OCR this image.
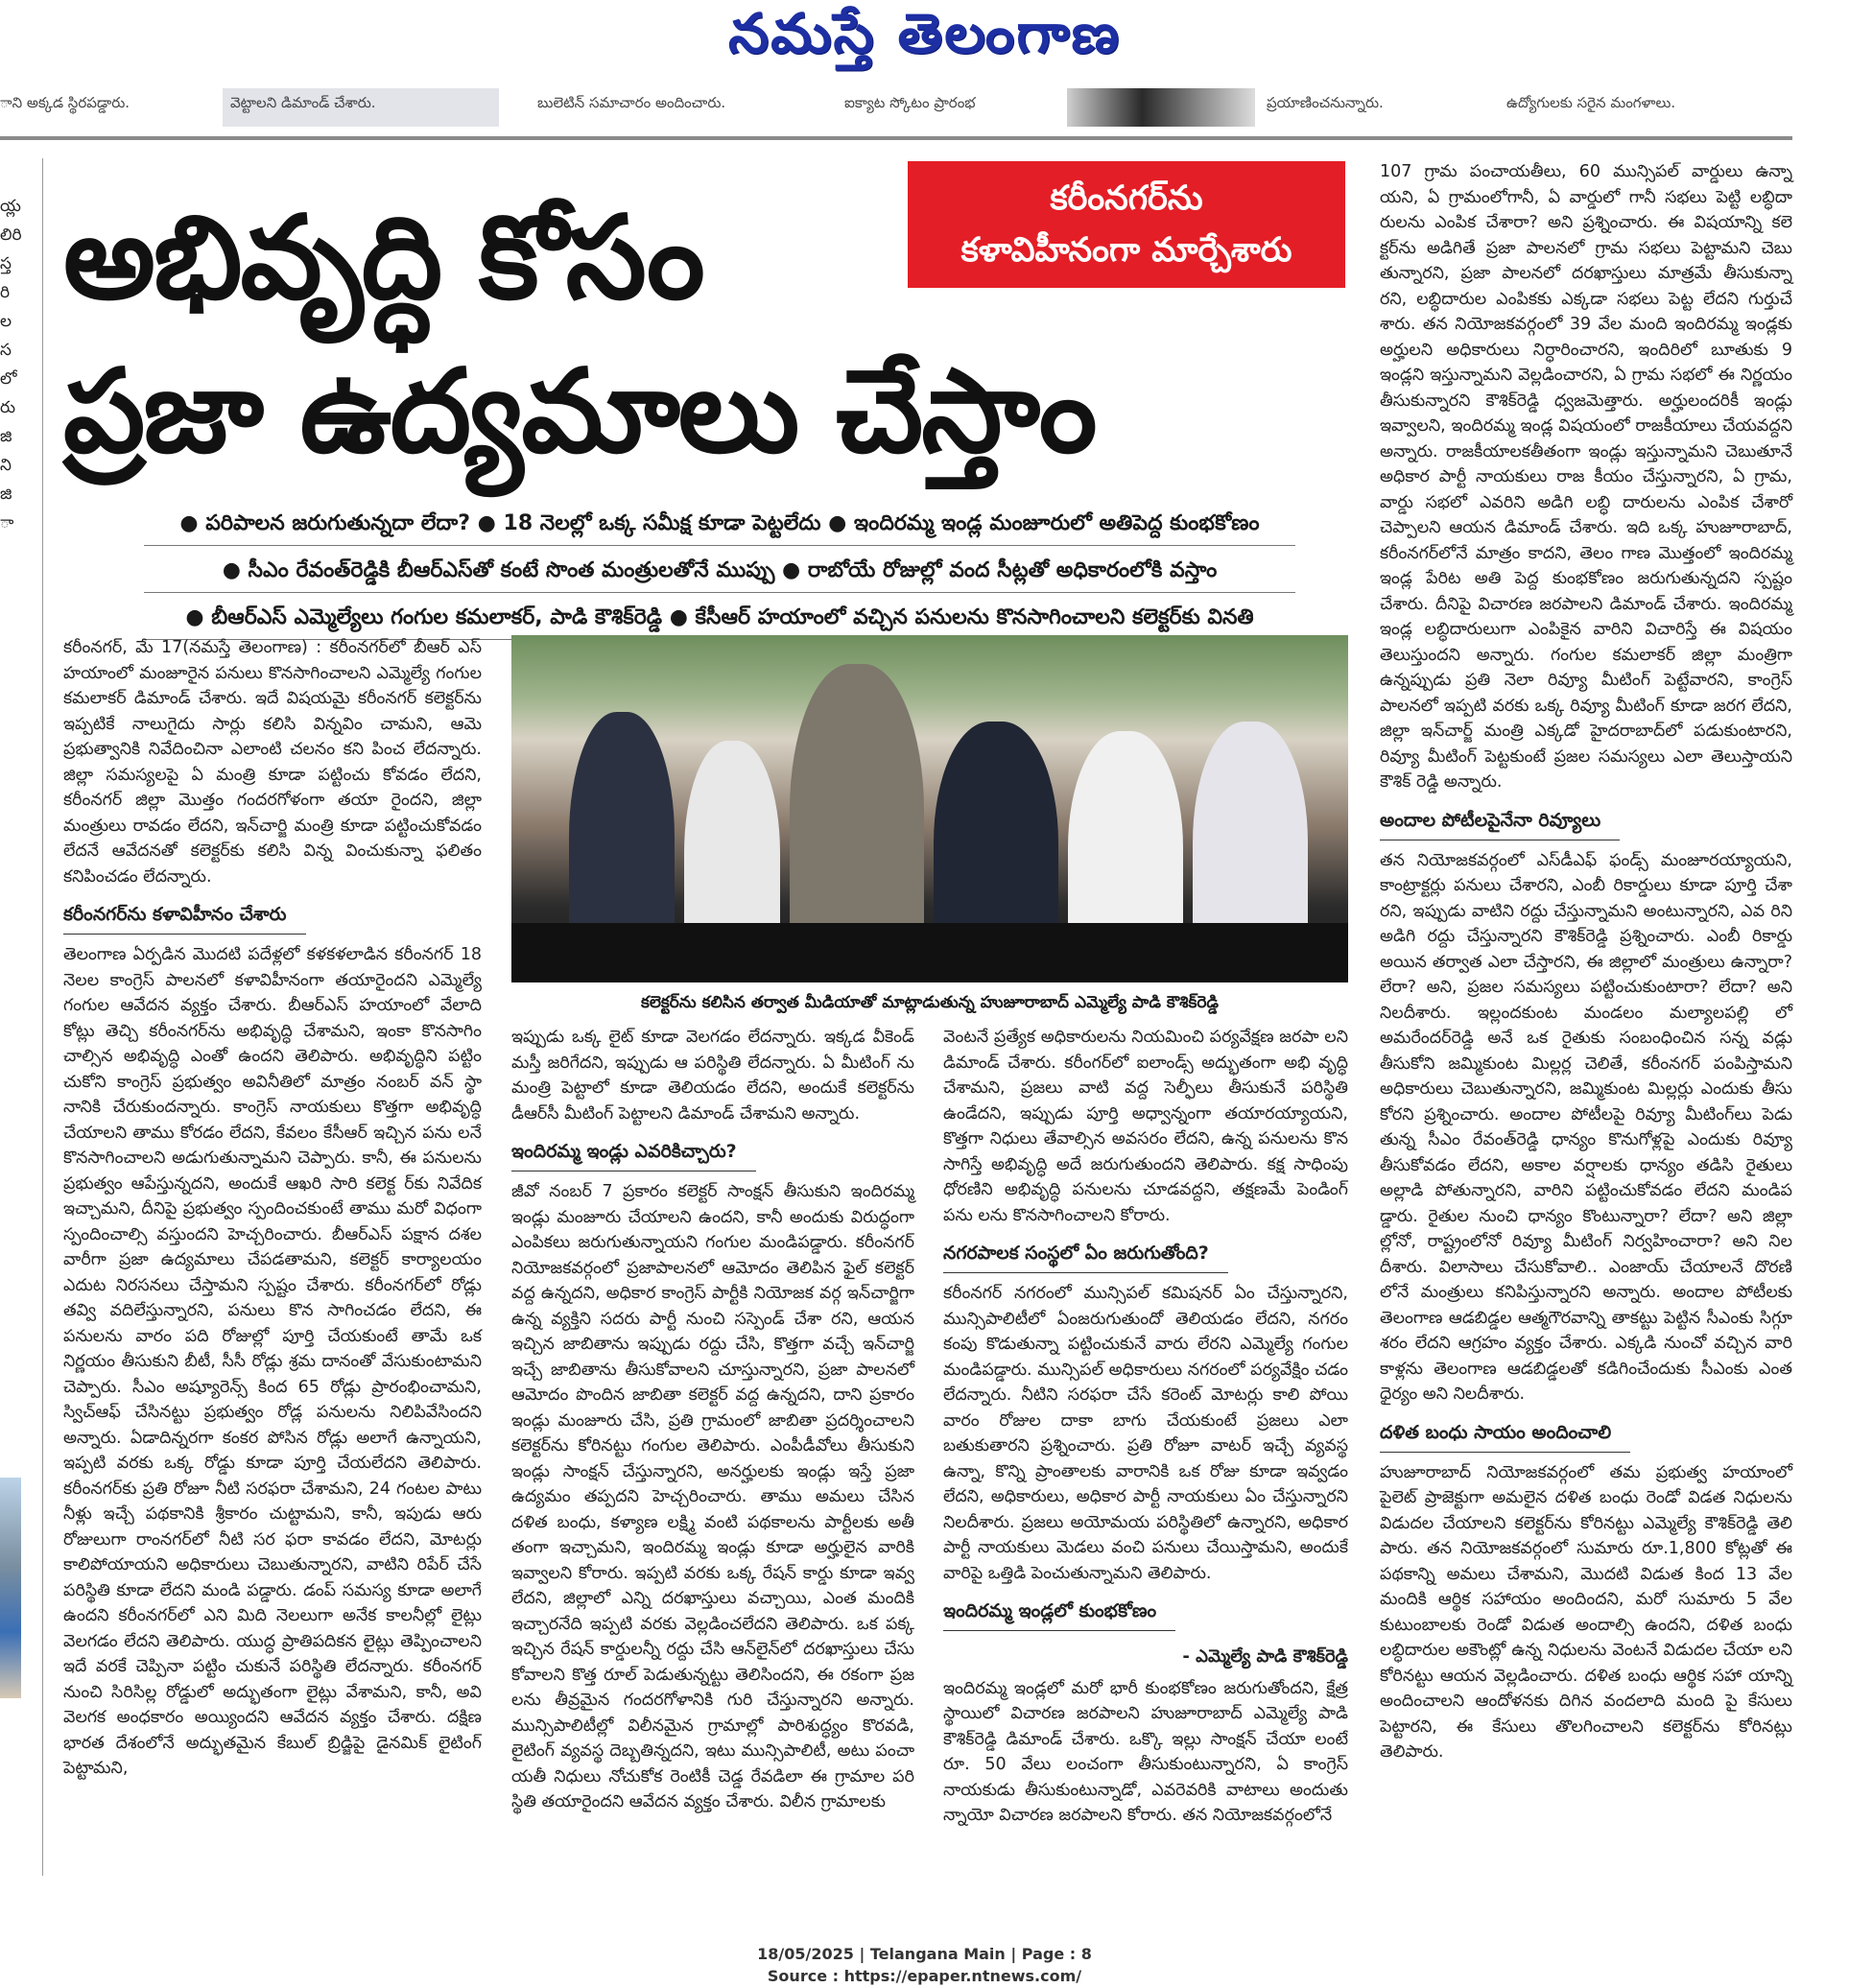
నమస్తే తెలంగాణ
ాని అక్కడ స్థిరపడ్డారు.	వెట్టాలని డిమాండ్ చేశారు.	బులెటిన్ సమాచారం అందించారు.	ఐక్యాట స్కోటం ప్రారంభ	ప్రయాణించనున్నారు.	ఉద్యోగులకు సరైన మంగళాలు.
య్ల
లిరి
స్త
రి
ల
స
లో
రు
జి
ని
జి
ా
అభివృద్ధి కోసం
ప్రజా ఉద్యమాలు చేస్తాం
కరీంనగర్‌ను
కళావిహీనంగా మార్చేశారు
● పరిపాలన జరుగుతున్నదా లేదా? ● 18 నెలల్లో ఒక్క సమీక్ష కూడా పెట్టలేదు ● ఇందిరమ్మ ఇండ్ల మంజూరులో అతిపెద్ద కుంభకోణం
● సీఎం రేవంత్‌రెడ్డికి బీఆర్‌ఎస్‌తో కంటే సొంత మంత్రులతోనే ముప్పు ● రాబోయే రోజుల్లో వంద సీట్లతో అధికారంలోకి వస్తాం
● బీఆర్‌ఎస్ ఎమ్మెల్యేలు గంగుల కమలాకర్, పాడి కౌశిక్‌రెడ్డి ● కేసీఆర్ హయాంలో వచ్చిన పనులను కొనసాగించాలని కలెక్టర్‌కు వినతి
కలెక్టర్‌ను కలిసిన తర్వాత మీడియాతో మాట్లాడుతున్న హుజూరాబాద్ ఎమ్మెల్యే పాడి కౌశిక్‌రెడ్డి

కరీంనగర్, మే 17(నమస్తే తెలంగాణ) : కరీంనగర్‌లో బీఆర్ ఎస్ హయాంలో మంజూరైన పనులు కొనసాగించాలని ఎమ్మెల్యే గంగుల కమలాకర్ డిమాండ్ చేశారు. ఇదే విషయమై కరీంనగర్ కలెక్టర్‌ను ఇప్పటికే నాలుగైదు సార్లు కలిసి విన్నవిం చామని, ఆమె ప్రభుత్వానికి నివేదించినా ఎలాంటి చలనం కని పించ లేదన్నారు. జిల్లా సమస్యలపై ఏ మంత్రి కూడా పట్టించు కోవడం లేదని, కరీంనగర్ జిల్లా మొత్తం గందరగోళంగా తయా రైందని, జిల్లా మంత్రులు రావడం లేదని, ఇన్‌చార్జి మంత్రి కూడా పట్టించుకోవడం లేదనే ఆవేదనతో కలెక్టర్‌కు కలిసి విన్న వించుకున్నా ఫలితం కనిపించడం లేదన్నారు.

కరీంనగర్‌ను కళావిహీనం చేశారు

తెలంగాణ ఏర్పడిన మొదటి పదేళ్లలో కళకళలాడిన కరీంనగర్ 18 నెలల కాంగ్రెస్ పాలనలో కళావిహీనంగా తయారైందని ఎమ్మెల్యే గంగుల ఆవేదన వ్యక్తం చేశారు. బీఆర్‌ఎస్ హయాంలో వేలాది కోట్లు తెచ్చి కరీంనగర్‌ను అభివృద్ధి చేశామని, ఇంకా కొనసాగిం చాల్సిన అభివృద్ధి ఎంతో ఉందని తెలిపారు. అభివృద్ధిని పట్టిం చుకోని కాంగ్రెస్ ప్రభుత్వం అవినీతిలో మాత్రం నంబర్ వన్ స్థా నానికి చేరుకుందన్నారు. కాంగ్రెస్ నాయకులు కొత్తగా అభివృద్ధి చేయాలని తాము కోరడం లేదని, కేవలం కేసీఆర్ ఇచ్చిన పను లనే కొనసాగించాలని అడుగుతున్నామని చెప్పారు. కానీ, ఈ పనులను ప్రభుత్వం ఆపేస్తున్నదని, అందుకే ఆఖరి సారి కలెక్ట ర్‌కు నివేదిక ఇచ్చామని, దీనిపై ప్రభుత్వం స్పందించకుంటే తాము మరో విధంగా స్పందించాల్సి వస్తుందని హెచ్చరించారు. బీఆర్‌ఎస్ పక్షాన దశల వారీగా ప్రజా ఉద్యమాలు చేపడతామని, కలెక్టర్ కార్యాలయం ఎదుట నిరసనలు చేస్తామని స్పష్టం చేశారు. కరీంనగర్‌లో రోడ్లు తవ్వి వదిలేస్తున్నారని, పనులు కొన సాగించడం లేదని, ఈ పనులను వారం పది రోజుల్లో పూర్తి చేయకుంటే తామే ఒక నిర్ణయం తీసుకుని బీటీ, సీసీ రోడ్లు శ్రమ దానంతో వేసుకుంటామని చెప్పారు. సీఎం అష్యూరెన్స్ కింద 65 రోడ్లు ప్రారంభించామని, స్విచ్‌ఆఫ్ చేసినట్టు ప్రభుత్వం రోడ్ల పనులను నిలిపివేసిందని అన్నారు. ఏడాదిన్నరగా కంకర పోసిన రోడ్లు అలాగే ఉన్నాయని, ఇప్పటి వరకు ఒక్క రోడ్డు కూడా పూర్తి చేయలేదని తెలిపారు. కరీంనగర్‌కు ప్రతి రోజూ నీటి సరఫరా చేశామని, 24 గంటల పాటు నీళ్లు ఇచ్చే పథకానికి శ్రీకారం చుట్టామని, కానీ, ఇపుడు ఆరు రోజులుగా రాంనగర్‌లో నీటి సర ఫరా కావడం లేదని, మోటర్లు కాలిపోయాయని అధికారులు చెబుతున్నారని, వాటిని రిపేర్ చేసే పరిస్థితి కూడా లేదని మండి పడ్డారు. డంప్ సమస్య కూడా అలాగే ఉందని కరీంనగర్‌లో ఎని మిది నెలలుగా అనేక కాలనీల్లో లైట్లు వెలగడం లేదని తెలిపారు. యుద్ధ ప్రాతిపదికన లైట్లు తెప్పించాలని ఇదే వరకే చెప్పినా పట్టిం చుకునే పరిస్థితి లేదన్నారు. కరీంనగర్ నుంచి సిరిసిల్ల రోడ్డులో అద్భుతంగా లైట్లు వేశామని, కానీ, అవి వెలగక అంధకారం అయ్యిందని ఆవేదన వ్యక్తం చేశారు. దక్షిణ భారత దేశంలోనే అద్భుతమైన కేబుల్ బ్రిడ్జిపై డైనమిక్ లైటింగ్ పెట్టామని,

ఇప్పుడు ఒక్క లైట్ కూడా వెలగడం లేదన్నారు. ఇక్కడ వీకెండ్ మస్తీ జరిగేదని, ఇప్పుడు ఆ పరిస్థితి లేదన్నారు. ఏ మీటింగ్ ‌ను మంత్రి పెట్టాలో కూడా తెలియడం లేదని, అందుకే కలెక్టర్‌ను డీఆర్‌సీ మీటింగ్ పెట్టాలని డిమాండ్ చేశామని అన్నారు.

ఇందిరమ్మ ఇండ్లు ఎవరికిచ్చారు?

జీవో నంబర్ 7 ప్రకారం కలెక్టర్ సాంక్షన్ తీసుకుని ఇందిరమ్మ ఇండ్లు మంజూరు చేయాలని ఉందని, కానీ అందుకు విరుద్ధంగా ఎంపికలు జరుగుతున్నాయని గంగుల మండిపడ్డారు. కరీంనగర్ నియోజకవర్గంలో ప్రజాపాలనలో ఆమోదం తెలిపిన ఫైల్ కలెక్టర్ వద్ద ఉన్నదని, అధికార కాంగ్రెస్ పార్టీకి నియోజక వర్గ ఇన్‌చార్జిగా ఉన్న వ్యక్తిని సదరు పార్టీ నుంచి సస్పెండ్ చేశా రని, ఆయన ఇచ్చిన జాబితాను ఇప్పుడు రద్దు చేసి, కొత్తగా వచ్చే ఇన్‌చార్జి ఇచ్చే జాబితాను తీసుకోవాలని చూస్తున్నారని, ప్రజా పాలనలో ఆమోదం పొందిన జాబితా కలెక్టర్ వద్ద ఉన్నదని, దాని ప్రకారం ఇండ్లు మంజూరు చేసి, ప్రతి గ్రామంలో జాబితా ప్రదర్శించాలని కలెక్టర్‌ను కోరినట్టు గంగుల తెలిపారు. ఎంపీడీవోలు తీసుకుని ఇండ్లు సాంక్షన్ చేస్తున్నారని, అనర్హులకు ఇండ్లు ఇస్తే ప్రజా ఉద్యమం తప్పదని హెచ్చరించారు. తాము అమలు చేసిన దళిత బంధు, కళ్యాణ లక్ష్మి వంటి పథకాలను పార్టీలకు అతీ తంగా ఇచ్చామని, ఇందిరమ్మ ఇండ్లు కూడా అర్హులైన వారికి ఇవ్వాలని కోరారు. ఇప్పటి వరకు ఒక్క రేషన్ కార్డు కూడా ఇవ్వ లేదని, జిల్లాలో ఎన్ని దరఖాస్తులు వచ్చాయి, ఎంత మందికి ఇచ్చారనేది ఇప్పటి వరకు వెల్లడించలేదని తెలిపారు. ఒక పక్క ఇచ్చిన రేషన్ కార్డులన్నీ రద్దు చేసి ఆన్‌లైన్‌లో దరఖాస్తులు చేసు కోవాలని కొత్త రూల్ పెడుతున్నట్టు తెలిసిందని, ఈ రకంగా ప్రజ లను తీవ్రమైన గందరగోళానికి గురి చేస్తున్నారని అన్నారు. మున్సిపాలిటీల్లో విలీనమైన గ్రామాల్లో పారిశుద్ధ్యం కొరవడి, లైటింగ్ వ్యవస్థ దెబ్బతిన్నదని, ఇటు మున్సిపాలిటీ, అటు పంచా యతీ నిధులు నోచుకోక రెంటికీ చెడ్డ రేవడిలా ఈ గ్రామాల పరి స్థితి తయారైందని ఆవేదన వ్యక్తం చేశారు. విలీన గ్రామాలకు

వెంటనే ప్రత్యేక అధికారులను నియమించి పర్యవేక్షణ జరపా లని డిమాండ్ చేశారు. కరీంగర్‌లో ఐలాండ్స్ అద్భుతంగా అభి వృద్ధి చేశామని, ప్రజలు వాటి వద్ద సెల్ఫీలు తీసుకునే పరిస్థితి ఉండేదని, ఇప్పుడు పూర్తి అధ్వాన్నంగా తయారయ్యాయని, కొత్తగా నిధులు తేవాల్సిన అవసరం లేదని, ఉన్న పనులను కొన సాగిస్తే అభివృద్ధి అదే జరుగుతుందని తెలిపారు. కక్ష సాధింపు ధోరణిని అభివృద్ధి పనులను చూడవద్దని, తక్షణమే పెండింగ్ పను లను కొనసాగించాలని కోరారు.

నగరపాలక సంస్థలో ఏం జరుగుతోంది?

కరీంనగర్ నగరంలో మున్సిపల్ కమిషనర్ ఏం చేస్తున్నారని, మున్సిపాలిటీలో ఏంజరుగుతుందో తెలియడం లేదని, నగరం కంపు కొడుతున్నా పట్టించుకునే వారు లేరని ఎమ్మెల్యే గంగుల మండిపడ్డారు. మున్సిపల్ అధికారులు నగరంలో పర్యవేక్షిం చడం లేదన్నారు. నీటిని సరఫరా చేసే కరెంట్ మోటర్లు కాలి పోయి వారం రోజుల దాకా బాగు చేయకుంటే ప్రజలు ఎలా బతుకుతారని ప్రశ్నించారు. ప్రతి రోజూ వాటర్ ఇచ్చే వ్యవస్థ ఉన్నా, కొన్ని ప్రాంతాలకు వారానికి ఒక రోజు కూడా ఇవ్వడం లేదని, అధికారులు, అధికార పార్టీ నాయకులు ఏం చేస్తున్నారని నిలదీశారు. ప్రజలు అయోమయ పరిస్థితిలో ఉన్నారని, అధికార పార్టీ నాయకులు మెడలు వంచి పనులు చేయిస్తామని, అందుకే వారిపై ఒత్తిడి పెంచుతున్నామని తెలిపారు.

ఇందిరమ్మ ఇండ్లలో కుంభకోణం
- ఎమ్మెల్యే పాడి కౌశిక్‌రెడ్డి

ఇందిరమ్మ ఇండ్లలో మరో భారీ కుంభకోణం జరుగుతోందని, క్షేత్ర స్థాయిలో విచారణ జరపాలని హుజూరాబాద్ ఎమ్మెల్యే పాడి కౌశిక్‌రెడ్డి డిమాండ్ చేశారు. ఒక్కొ ఇల్లు సాంక్షన్ చేయా లంటే రూ. 50 వేలు లంచంగా తీసుకుంటున్నారని, ఏ కాంగ్రెస్ నాయకుడు తీసుకుంటున్నాడో, ఎవరెవరికి వాటాలు అందుతు న్నాయో విచారణ జరపాలని కోరారు. తన నియోజకవర్గంలోనే

107 గ్రామ పంచాయతీలు, 60 మున్సిపల్ వార్డులు ఉన్నా యని, ఏ గ్రామంలోగానీ, ఏ వార్డులో గానీ సభలు పెట్టి లబ్ధిదా రులను ఎంపిక చేశారా? అని ప్రశ్నించారు. ఈ విషయాన్ని కలె క్టర్‌ను అడిగితే ప్రజా పాలనలో గ్రామ సభలు పెట్టామని చెబు తున్నారని, ప్రజా పాలనలో దరఖాస్తులు మాత్రమే తీసుకున్నా రని, లబ్ధిదారుల ఎంపికకు ఎక్కడా సభలు పెట్ట లేదని గుర్తుచే శారు. తన నియోజకవర్గంలో 39 వేల మంది ఇందిరమ్మ ఇండ్లకు అర్హులని అధికారులు నిర్ధారించారని, ఇందిరిలో బూతుకు 9 ఇండ్లని ఇస్తున్నామని వెల్లడించారని, ఏ గ్రామ సభలో ఈ నిర్ణయం తీసుకున్నారని కౌశిక్‌రెడ్డి ధ్వజమెత్తారు. అర్హులందరికీ ఇండ్లు ఇవ్వాలని, ఇందిరమ్మ ఇండ్ల విషయంలో రాజకీయాలు చేయవద్దని అన్నారు. రాజకీయాలకతీతంగా ఇండ్లు ఇస్తున్నామని చెబుతూనే అధికార పార్టీ నాయకులు రాజ కీయం చేస్తున్నారని, ఏ గ్రామ, వార్డు సభలో ఎవరిని అడిగి లబ్ధి దారులను ఎంపిక చేశారో చెప్పాలని ఆయన డిమాండ్ చేశారు. ఇది ఒక్క హుజూరాబాద్, కరీంనగర్‌లోనే మాత్రం కాదని, తెలం గాణ మొత్తంలో ఇందిరమ్మ ఇండ్ల పేరిట అతి పెద్ద కుంభకోణం జరుగుతున్నదని స్పష్టం చేశారు. దీనిపై విచారణ జరపాలని డిమాండ్ చేశారు. ఇందిరమ్మ ఇండ్ల లబ్ధిదారులుగా ఎంపికైన వారిని విచారిస్తే ఈ విషయం తెలుస్తుందని అన్నారు. గంగుల కమలాకర్ జిల్లా మంత్రిగా ఉన్నప్పుడు ప్రతి నెలా రివ్యూ మీటింగ్ పెట్టేవారని, కాంగ్రెస్ పాలనలో ఇప్పటి వరకు ఒక్క రివ్యూ మీటింగ్ కూడా జరగ లేదని, జిల్లా ఇన్‌చార్జ్ మంత్రి ఎక్కడో హైదరాబాద్‌లో పడుకుంటారని, రివ్యూ మీటింగ్ పెట్టకుంటే ప్రజల సమస్యలు ఎలా తెలుస్తాయని కౌశిక్ రెడ్డి అన్నారు.

అందాల పోటీలపైనేనా రివ్యూలు

తన నియోజకవర్గంలో ఎస్‌డీఎఫ్ ఫండ్స్ మంజూరయ్యాయని, కాంట్రాక్టర్లు పనులు చేశారని, ఎంబీ రికార్డులు కూడా పూర్తి చేశా రని, ఇప్పుడు వాటిని రద్దు చేస్తున్నామని అంటున్నారని, ఎవ రిని అడిగి రద్దు చేస్తున్నారని కౌశిక్‌రెడ్డి ప్రశ్నించారు. ఎంబీ రికార్డు అయిన తర్వాత ఎలా చేస్తారని, ఈ జిల్లాలో మంత్రులు ఉన్నారా? లేరా? అని, ప్రజల సమస్యలు పట్టించుకుంటారా? లేదా? అని నిలదీశారు. ఇల్లందకుంట మండలం మల్యాలపల్లి లో అమరేందర్‌రెడ్డి అనే ఒక రైతుకు సంబంధించిన సన్న వడ్లు తీసుకోని జమ్మికుంట మిల్లర్ల చెలితే, కరీంనగర్ పంపిస్తామని అధికారులు చెబుతున్నారని, జమ్మికుంట మిల్లర్లు ఎందుకు తీసు కోరని ప్రశ్నించారు. అందాల పోటీలపై రివ్యూ మీటింగ్‌లు పెడు తున్న సీఎం రేవంత్‌రెడ్డి ధాన్యం కొనుగోళ్లపై ఎందుకు రివ్యూ తీసుకోవడం లేదని, అకాల వర్షాలకు ధాన్యం తడిసి రైతులు అల్లాడి పోతున్నారని, వారిని పట్టించుకోవడం లేదని మండిప డ్డారు. రైతుల నుంచి ధాన్యం కొంటున్నారా? లేదా? అని జిల్లా ల్లోనో, రాష్ట్రంలోనో రివ్యూ మీటింగ్ నిర్వహించారా? అని నిల దీశారు. విలాసాలు చేసుకోవాలి.. ఎంజాయ్ చేయాలనే దొరణి లోనే మంత్రులు కనిపిస్తున్నారని అన్నారు. అందాల పోటీలకు తెలంగాణ ఆడబిడ్డల ఆత్మగౌరవాన్ని తాకట్టు పెట్టిన సీఎంకు సిగ్గూ శరం లేదని ఆగ్రహం వ్యక్తం చేశారు. ఎక్కడి నుంచో వచ్చిన వారి కాళ్లను తెలంగాణ ఆడబిడ్డలతో కడిగించేందుకు సీఎంకు ఎంత ధైర్యం అని నిలదీశారు.

దళిత బంధు సాయం అందించాలి

హుజూరాబాద్ నియోజకవర్గంలో తమ ప్రభుత్వ హయాంలో పైలెట్ ప్రాజెక్టుగా అమలైన దళిత బంధు రెండో విడత నిధులను విడుదల చేయాలని కలెక్టర్‌ను కోరినట్టు ఎమ్మెల్యే కౌశిక్‌రెడ్డి తెలి పారు. తన నియోజకవర్గంలో సుమారు రూ.1,800 కోట్లతో ఈ పథకాన్ని అమలు చేశామని, మొదటి విడుత కింద 13 వేల మందికి ఆర్థిక సహాయం అందిందని, మరో సుమారు 5 వేల కుటుంబాలకు రెండో విడుత అందాల్సి ఉందని, దళిత బంధు లబ్ధిదారుల అకౌంట్లో ఉన్న నిధులను వెంటనే విడుదల చేయా లని కోరినట్టు ఆయన వెల్లడించారు. దళిత బంధు ఆర్థిక సహా యాన్ని అందించాలని ఆందోళనకు దిగిన వందలాది మంది పై కేసులు పెట్టారని, ఈ కేసులు తొలగించాలని కలెక్టర్‌ను కోరినట్లు తెలిపారు.

18/05/2025 | Telangana Main | Page : 8
Source : https://epaper.ntnews.com/
